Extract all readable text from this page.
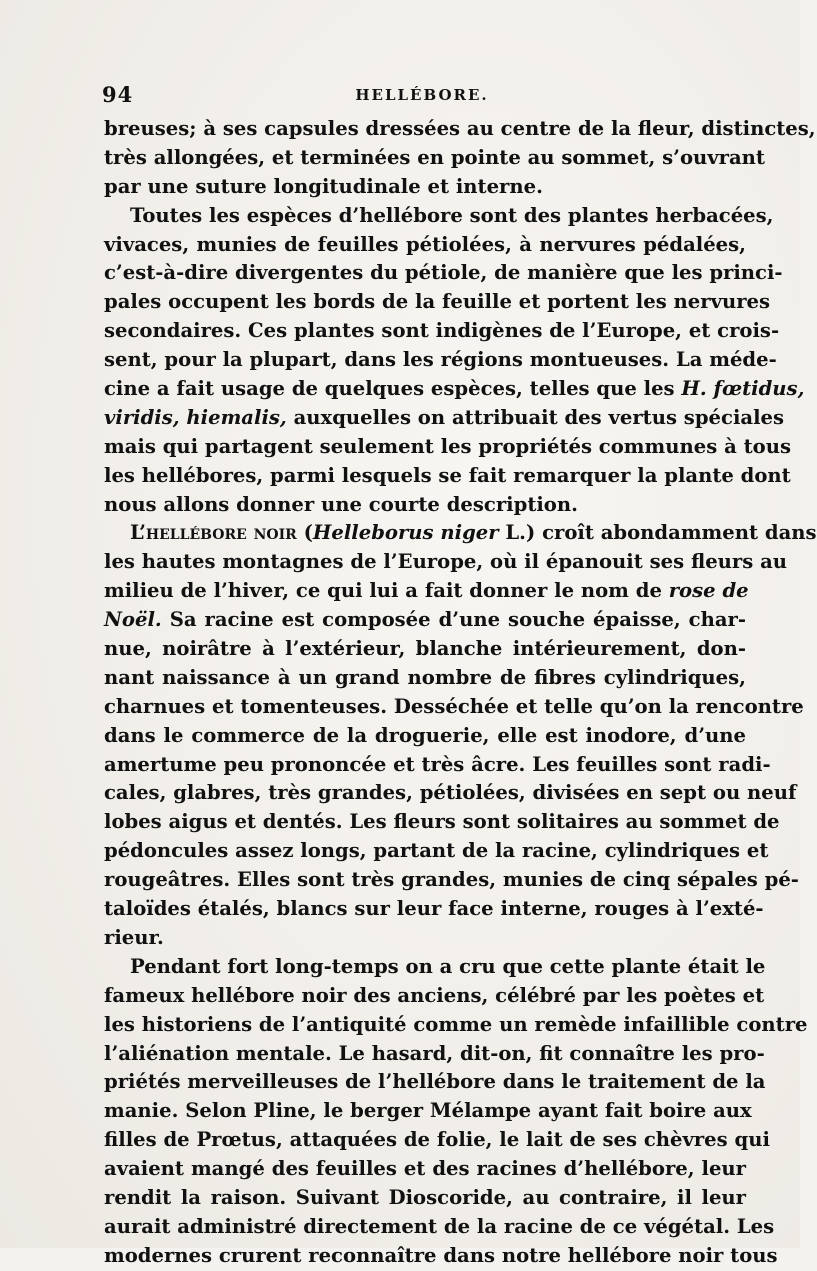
94	HELLÉBORE.
breuses; à ses capsules dressées au centre de la fleur, distinctes,
très allongées, et terminées en pointe au sommet, s’ouvrant
par une suture longitudinale et interne.
Toutes les espèces d’hellébore sont des plantes herbacées,
vivaces, munies de feuilles pétiolées, à nervures pédalées,
c’est-à-dire divergentes du pétiole, de manière que les princi-
pales occupent les bords de la feuille et portent les nervures
secondaires. Ces plantes sont indigènes de l’Europe, et crois-
sent, pour la plupart, dans les régions montueuses. La méde-
cine a fait usage de quelques espèces, telles que les H. fœtidus,
viridis, hiemalis, auxquelles on attribuait des vertus spéciales
mais qui partagent seulement les propriétés communes à tous
les hellébores, parmi lesquels se fait remarquer la plante dont
nous allons donner une courte description.
L’hellébore noir (Helleborus niger L.) croît abondamment dans
les hautes montagnes de l’Europe, où il épanouit ses fleurs au
milieu de l’hiver, ce qui lui a fait donner le nom de rose de
Noël. Sa racine est composée d’une souche épaisse, char-
nue, noirâtre à l’extérieur, blanche intérieurement, don-
nant naissance à un grand nombre de fibres cylindriques,
charnues et tomenteuses. Desséchée et telle qu’on la rencontre
dans le commerce de la droguerie, elle est inodore, d’une
amertume peu prononcée et très âcre. Les feuilles sont radi-
cales, glabres, très grandes, pétiolées, divisées en sept ou neuf
lobes aigus et dentés. Les fleurs sont solitaires au sommet de
pédoncules assez longs, partant de la racine, cylindriques et
rougeâtres. Elles sont très grandes, munies de cinq sépales pé-
taloïdes étalés, blancs sur leur face interne, rouges à l’exté-
rieur.
Pendant fort long-temps on a cru que cette plante était le
fameux hellébore noir des anciens, célébré par les poètes et
les historiens de l’antiquité comme un remède infaillible contre
l’aliénation mentale. Le hasard, dit-on, fit connaître les pro-
priétés merveilleuses de l’hellébore dans le traitement de la
manie. Selon Pline, le berger Mélampe ayant fait boire aux
filles de Prœtus, attaquées de folie, le lait de ses chèvres qui
avaient mangé des feuilles et des racines d’hellébore, leur
rendit la raison. Suivant Dioscoride, au contraire, il leur
aurait administré directement de la racine de ce végétal. Les
modernes crurent reconnaître dans notre hellébore noir tous
